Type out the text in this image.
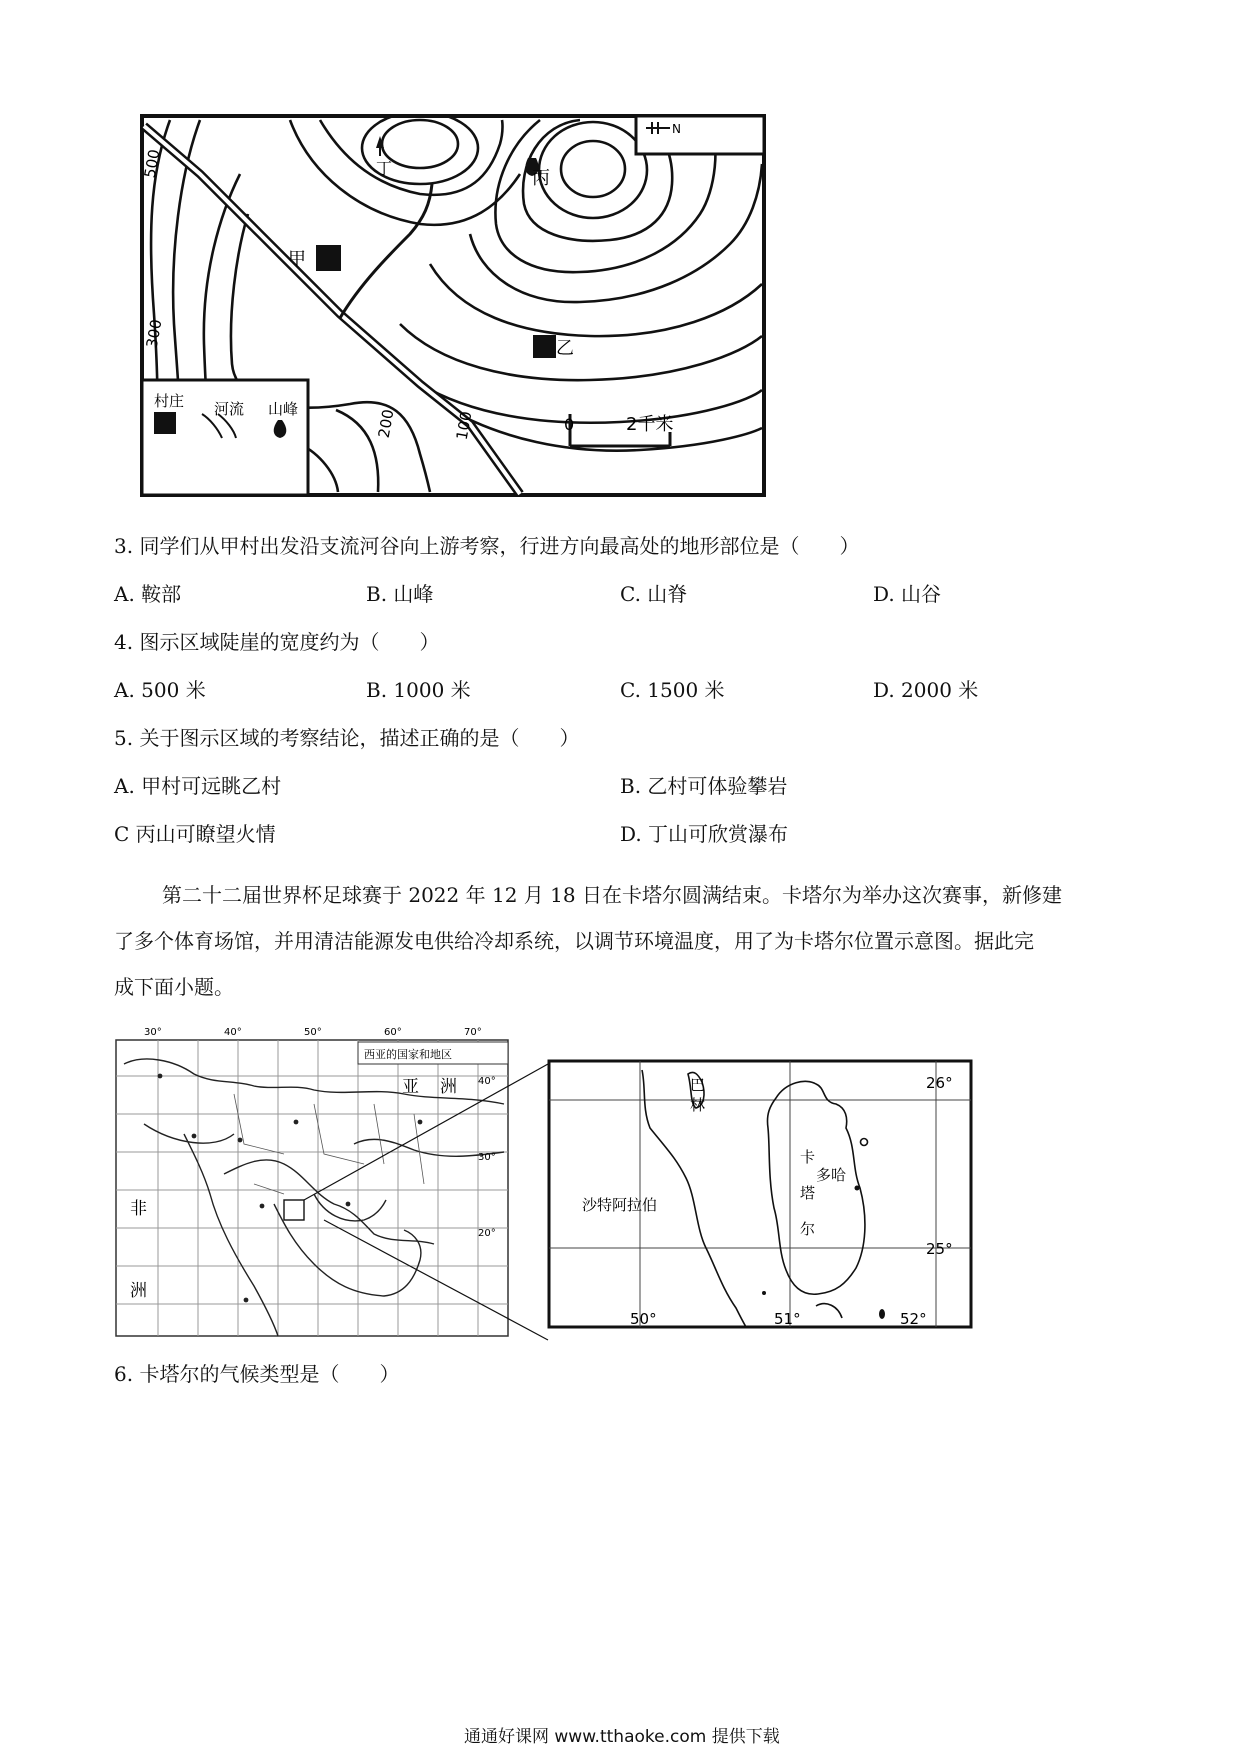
丁	丙
甲
乙
N
500
300
200	100
村庄 河流 山峰
0	2千米
3. 同学们从甲村出发沿支流河谷向上游考察，行进方向最高处的地形部位是（　　）
A. 鞍部	B. 山峰	C. 山脊	D. 山谷
4. 图示区域陡崖的宽度约为（　　）
A. 500 米	B. 1000 米	C. 1500 米	D. 2000 米
5. 关于图示区域的考察结论，描述正确的是（　　）
A. 甲村可远眺乙村	B. 乙村可体验攀岩
C 丙山可瞭望火情	D. 丁山可欣赏瀑布
第二十二届世界杯足球赛于 2022 年 12 月 18 日在卡塔尔圆满结束。卡塔尔为举办这次赛事，新修建
了多个体育场馆，并用清洁能源发电供给冷却系统，以调节环境温度，用了为卡塔尔位置示意图。据此完
成下面小题。
西亚的国家和地区
30°	40°	50°	60°	70°
40°
30°
20°
亚 洲
非
洲
巴
林
卡
塔
尔
多哈
沙特阿拉伯
26°
25°
50°	51°	52°
6. 卡塔尔的气候类型是（　　）
通通好课网 www.tthaoke.com 提供下载
